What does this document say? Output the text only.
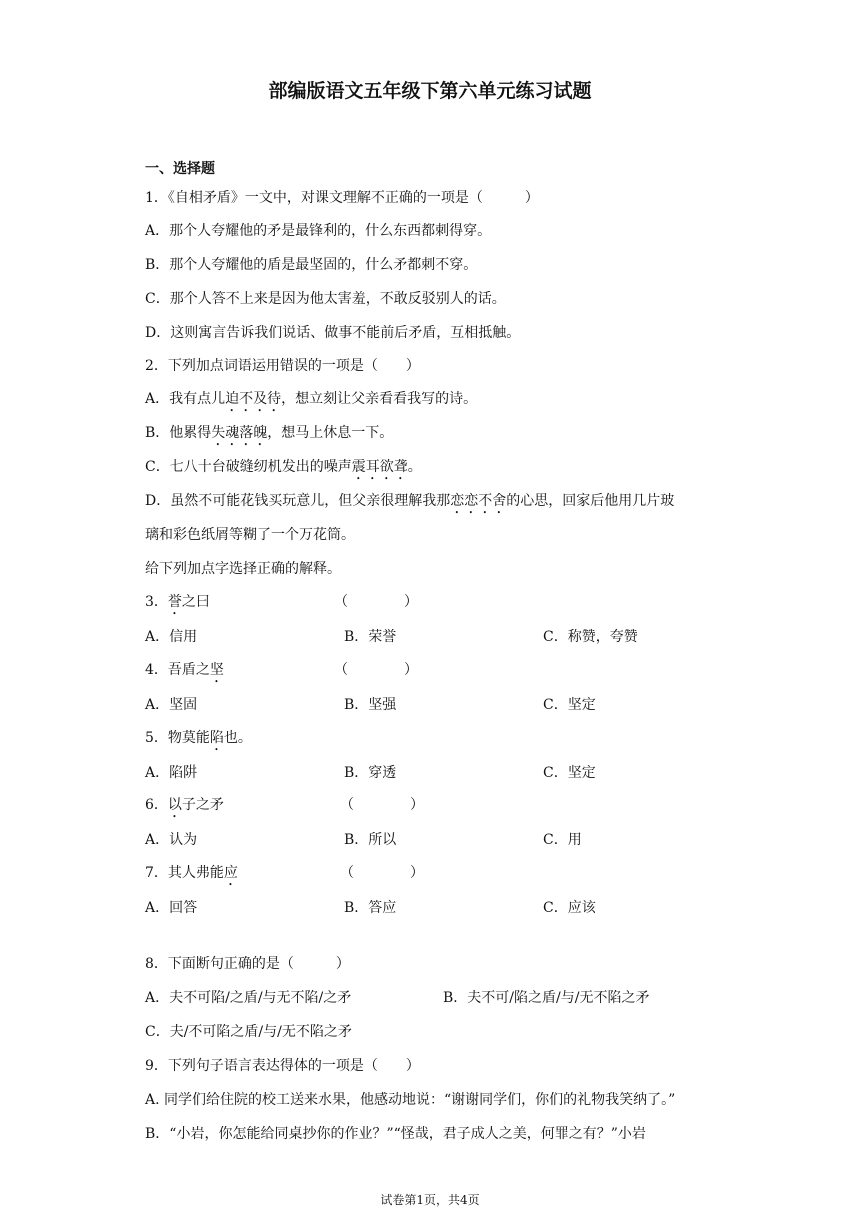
部编版语文五年级下第六单元练习试题
一、选择题
1．《自相矛盾》一文中，对课文理解不正确的一项是（　　　）
A．那个人夸耀他的矛是最锋利的，什么东西都刺得穿。
B．那个人夸耀他的盾是最坚固的，什么矛都刺不穿。
C．那个人答不上来是因为他太害羞，不敢反驳别人的话。
D．这则寓言告诉我们说话、做事不能前后矛盾，互相抵触。
2．下列加点词语运用错误的一项是（　　）
A．我有点儿迫不及待，想立刻让父亲看看我写的诗。
B．他累得失魂落魄，想马上休息一下。
C．七八十台破缝纫机发出的噪声震耳欲聋。
D．虽然不可能花钱买玩意儿，但父亲很理解我那恋恋不舍的心思，回家后他用几片玻
璃和彩色纸屑等糊了一个万花筒。
给下列加点字选择正确的解释。
3．誉之曰	（　　　　）
A．信用	B．荣誉	C．称赞，夸赞
4．吾盾之坚	（　　　　）
A．坚固	B．坚强	C．坚定
5．物莫能陷也。
A．陷阱	B．穿透	C．坚定
6．以子之矛	（　　　　）
A．认为	B．所以	C．用
7．其人弗能应	（　　　　）
A．回答	B．答应	C．应该
8．下面断句正确的是（　　　）
A．夫不可陷/之盾/与无不陷/之矛	B．夫不可/陷之盾/与/无不陷之矛
C．夫/不可陷之盾/与/无不陷之矛
9．下列句子语言表达得体的一项是（　　）
A. 同学们给住院的校工送来水果，他感动地说：“谢谢同学们，你们的礼物我笑纳了。”
B．“小岩，你怎能给同桌抄你的作业？”“怪哉，君子成人之美，何罪之有？”小岩
试卷第1页，共4页
